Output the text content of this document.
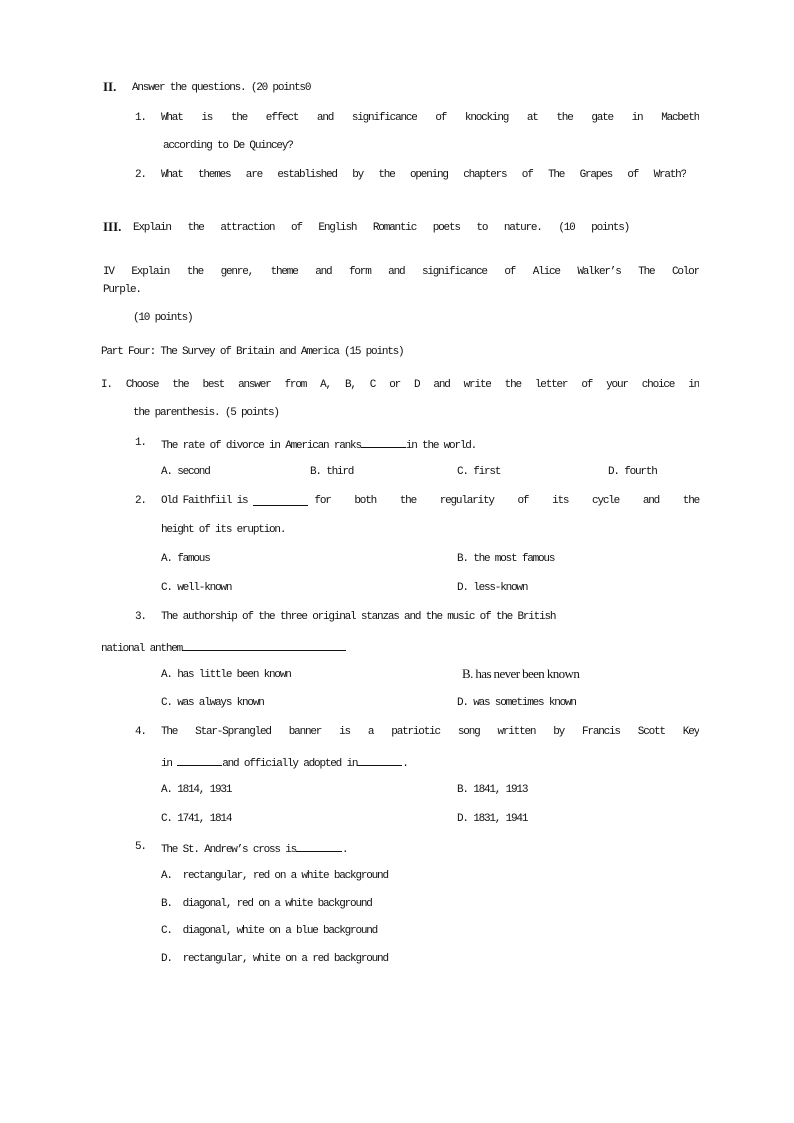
II. Answer the questions. (20 points0
1. What is the effect and significance of knocking at the gate in Macbeth
according to De Quincey?
2. What themes are established by the opening chapters of The Grapes of Wrath?
III. Explain the attraction of English Romantic poets to nature. (10 points)
IV Explain the genre, theme and form and significance of Alice Walker’s The Color
Purple.
(10 points)
Part Four: The Survey of Britain and America (15 points)
I. Choose the best answer from A, B, C or D and write the letter of your choice in
the parenthesis. (5 points)
1. The rate of divorce in American ranks	in the world.
A. second	B. third	C. first	D. fourth
2. Old Faithfiil is	for both the regularity of its cycle and the
height of its eruption.
A. famous	B. the most famous
C. well-known	D. less-known
3. The authorship of the three original stanzas and the music of the British
national anthem
A. has little been known	B. has never been known
C. was always known	D. was sometimes known
4. The Star-Sprangled banner is a patriotic song written by Francis Scott Key
in	and officially adopted in	.
A. 1814, 1931	B. 1841, 1913
C. 1741, 1814	D. 1831, 1941
5. The St. Andrew’s cross is	.
A.  rectangular, red on a white background
B.  diagonal, red on a white background
C.  diagonal, white on a blue background
D.  rectangular, white on a red background
